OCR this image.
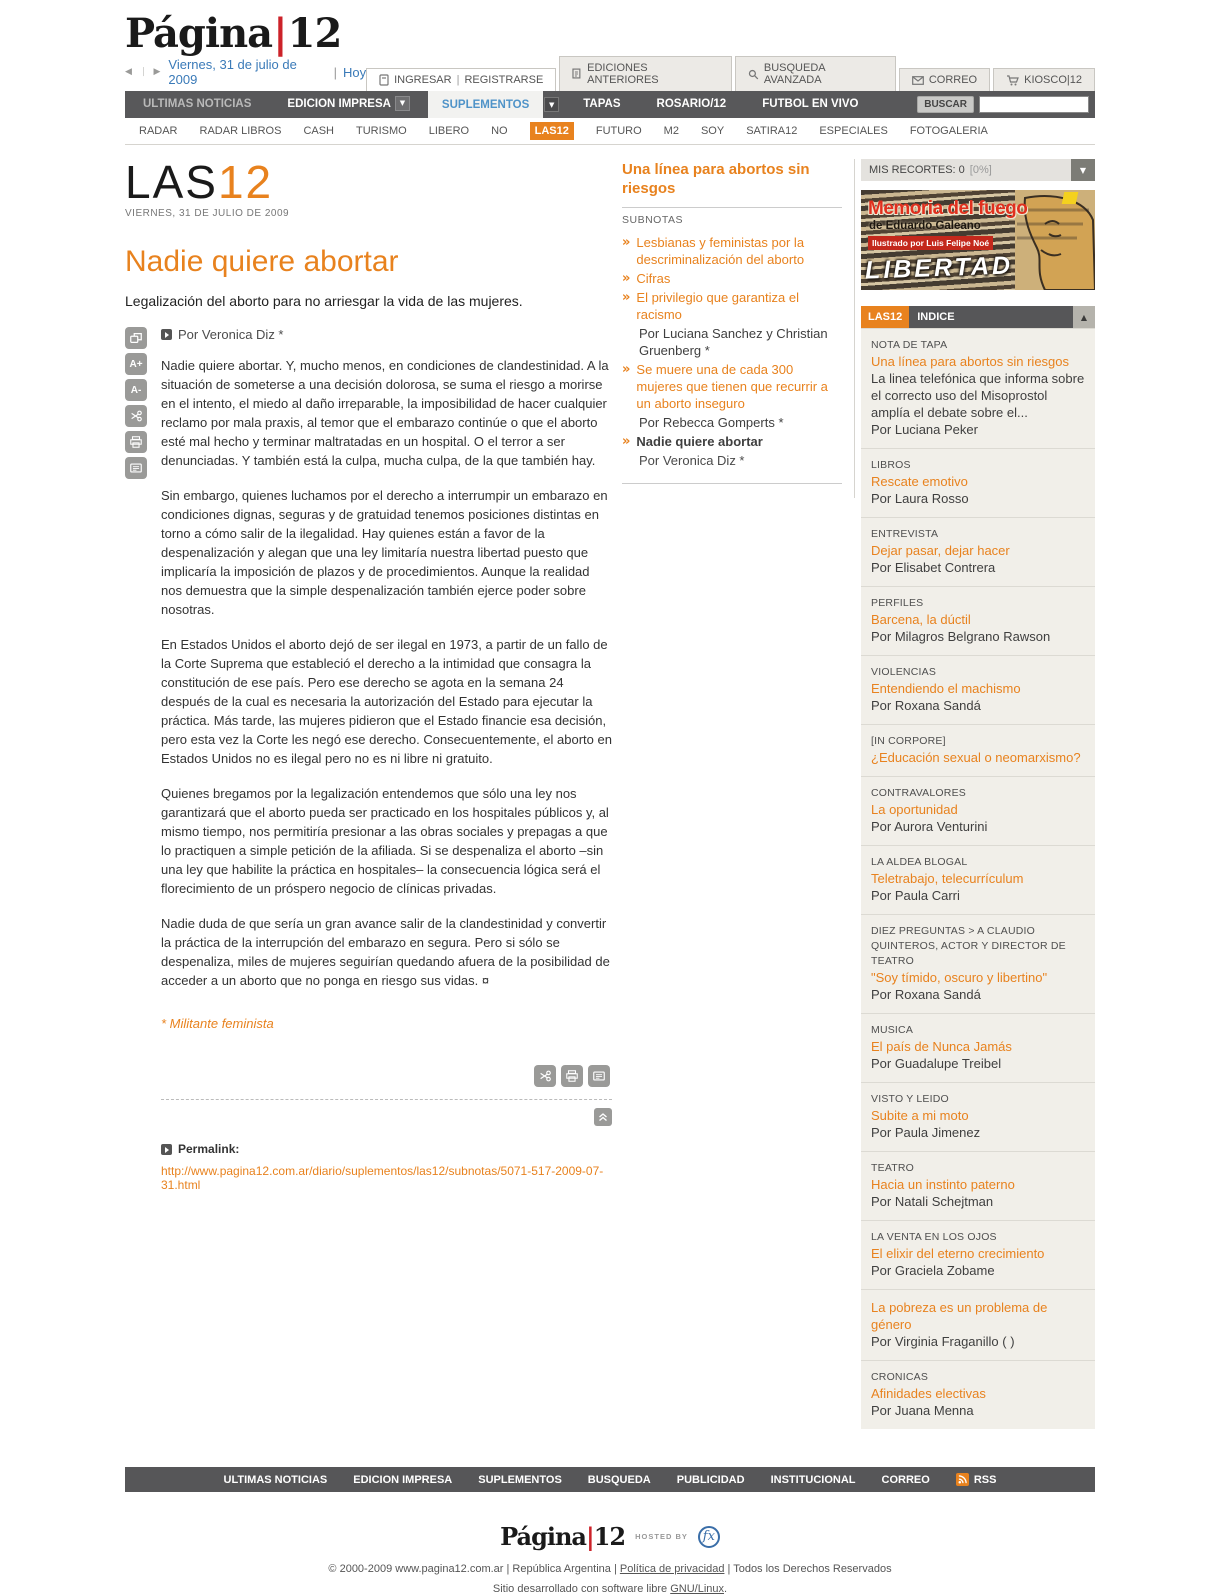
Página|12
◀ ❘ ▶ Viernes, 31 de julio de 2009	| Hoy
INGRESAR | REGISTRARSE
EDICIONES ANTERIORES
BUSQUEDA AVANZADA	CORREO	KIOSCO|12
ULTIMAS NOTICIAS	EDICION IMPRESA ▼	SUPLEMENTOS	▼	TAPAS	ROSARIO/12	FUTBOL EN VIVO	BUSCAR
RADAR RADAR LIBROS CASH TURISMO LIBERO NO	LAS12	FUTURO M2 SOY SATIRA12 ESPECIALES FOTOGALERIA
LAS12
VIERNES, 31 DE JULIO DE 2009
Nadie quiere abortar
Legalización del aborto para no arriesgar la vida de las mujeres.
A+
A-
Por Veronica Diz *

Nadie quiere abortar. Y, mucho menos, en condiciones de clandestinidad. A la situación de someterse a una decisión dolorosa, se suma el riesgo a morirse en el intento, el miedo al daño irreparable, la imposibilidad de hacer cualquier reclamo por mala praxis, al temor que el embarazo continúe o que el aborto esté mal hecho y terminar maltratadas en un hospital. O el terror a ser denunciadas. Y también está la culpa, mucha culpa, de la que también hay.

Sin embargo, quienes luchamos por el derecho a interrumpir un embarazo en condiciones dignas, seguras y de gratuidad tenemos posiciones distintas en torno a cómo salir de la ilegalidad. Hay quienes están a favor de la despenalización y alegan que una ley limitaría nuestra libertad puesto que implicaría la imposición de plazos y de procedimientos. Aunque la realidad nos demuestra que la simple despenalización también ejerce poder sobre nosotras.

En Estados Unidos el aborto dejó de ser ilegal en 1973, a partir de un fallo de la Corte Suprema que estableció el derecho a la intimidad que consagra la constitución de ese país. Pero ese derecho se agota en la semana 24 después de la cual es necesaria la autorización del Estado para ejecutar la práctica. Más tarde, las mujeres pidieron que el Estado financie esa decisión, pero esta vez la Corte les negó ese derecho. Consecuentemente, el aborto en Estados Unidos no es ilegal pero no es ni libre ni gratuito.

Quienes bregamos por la legalización entendemos que sólo una ley nos garantizará que el aborto pueda ser practicado en los hospitales públicos y, al mismo tiempo, nos permitiría presionar a las obras sociales y prepagas a que lo practiquen a simple petición de la afiliada. Si se despenaliza el aborto –sin una ley que habilite la práctica en hospitales– la consecuencia lógica será el florecimiento de un próspero negocio de clínicas privadas.

Nadie duda de que sería un gran avance salir de la clandestinidad y convertir la práctica de la interrupción del embarazo en segura. Pero si sólo se despenaliza, miles de mujeres seguirían quedando afuera de la posibilidad de acceder a un aborto que no ponga en riesgo sus vidas. ¤

* Militante feminista
Permalink:
http://www.pagina12.com.ar/diario/suplementos/las12/subnotas/5071-517-2009-07-31.html
Una línea para abortos sin riesgos
SUBNOTAS
» Lesbianas y feministas por la descriminalización del aborto
» Cifras
» El privilegio que garantiza el racismo
Por Luciana Sanchez y Christian Gruenberg *
» Se muere una de cada 300 mujeres que tienen que recurrir a un aborto inseguro
Por Rebecca Gomperts *
» Nadie quiere abortar
Por Veronica Diz *
MIS RECORTES: 0 [0%]	▼
Memoria del fuego
de Eduardo Galeano
Ilustrado por Luis Felipe Noé
LIBERTAD
LAS12	INDICE	▲
NOTA DE TAPA
Una línea para abortos sin riesgos
La linea telefónica que informa sobre el correcto uso del Misoprostol amplía el debate sobre el...
Por Luciana Peker
LIBROS
Rescate emotivo
Por Laura Rosso
ENTREVISTA
Dejar pasar, dejar hacer
Por Elisabet Contrera
PERFILES
Barcena, la dúctil
Por Milagros Belgrano Rawson
VIOLENCIAS
Entendiendo el machismo
Por Roxana Sandá
[IN CORPORE]
¿Educación sexual o neomarxismo?
CONTRAVALORES
La oportunidad
Por Aurora Venturini
LA ALDEA BLOGAL
Teletrabajo, telecurrículum
Por Paula Carri
DIEZ PREGUNTAS > A CLAUDIO QUINTEROS, ACTOR Y DIRECTOR DE TEATRO
"Soy tímido, oscuro y libertino"
Por Roxana Sandá
MUSICA
El país de Nunca Jamás
Por Guadalupe Treibel
VISTO Y LEIDO
Subite a mi moto
Por Paula Jimenez
TEATRO
Hacia un instinto paterno
Por Natali Schejtman
LA VENTA EN LOS OJOS
El elixir del eterno crecimiento
Por Graciela Zobame
La pobreza es un problema de género
Por Virginia Fraganillo ( )
CRONICAS
Afinidades electivas
Por Juana Menna
ULTIMAS NOTICIAS EDICION IMPRESA SUPLEMENTOS BUSQUEDA PUBLICIDAD INSTITUCIONAL CORREO	RSS
Página|12 HOSTED BY	fx
© 2000-2009 www.pagina12.com.ar | República Argentina | Política de privacidad | Todos los Derechos Reservados
Sitio desarrollado con software libre GNU/Linux.
